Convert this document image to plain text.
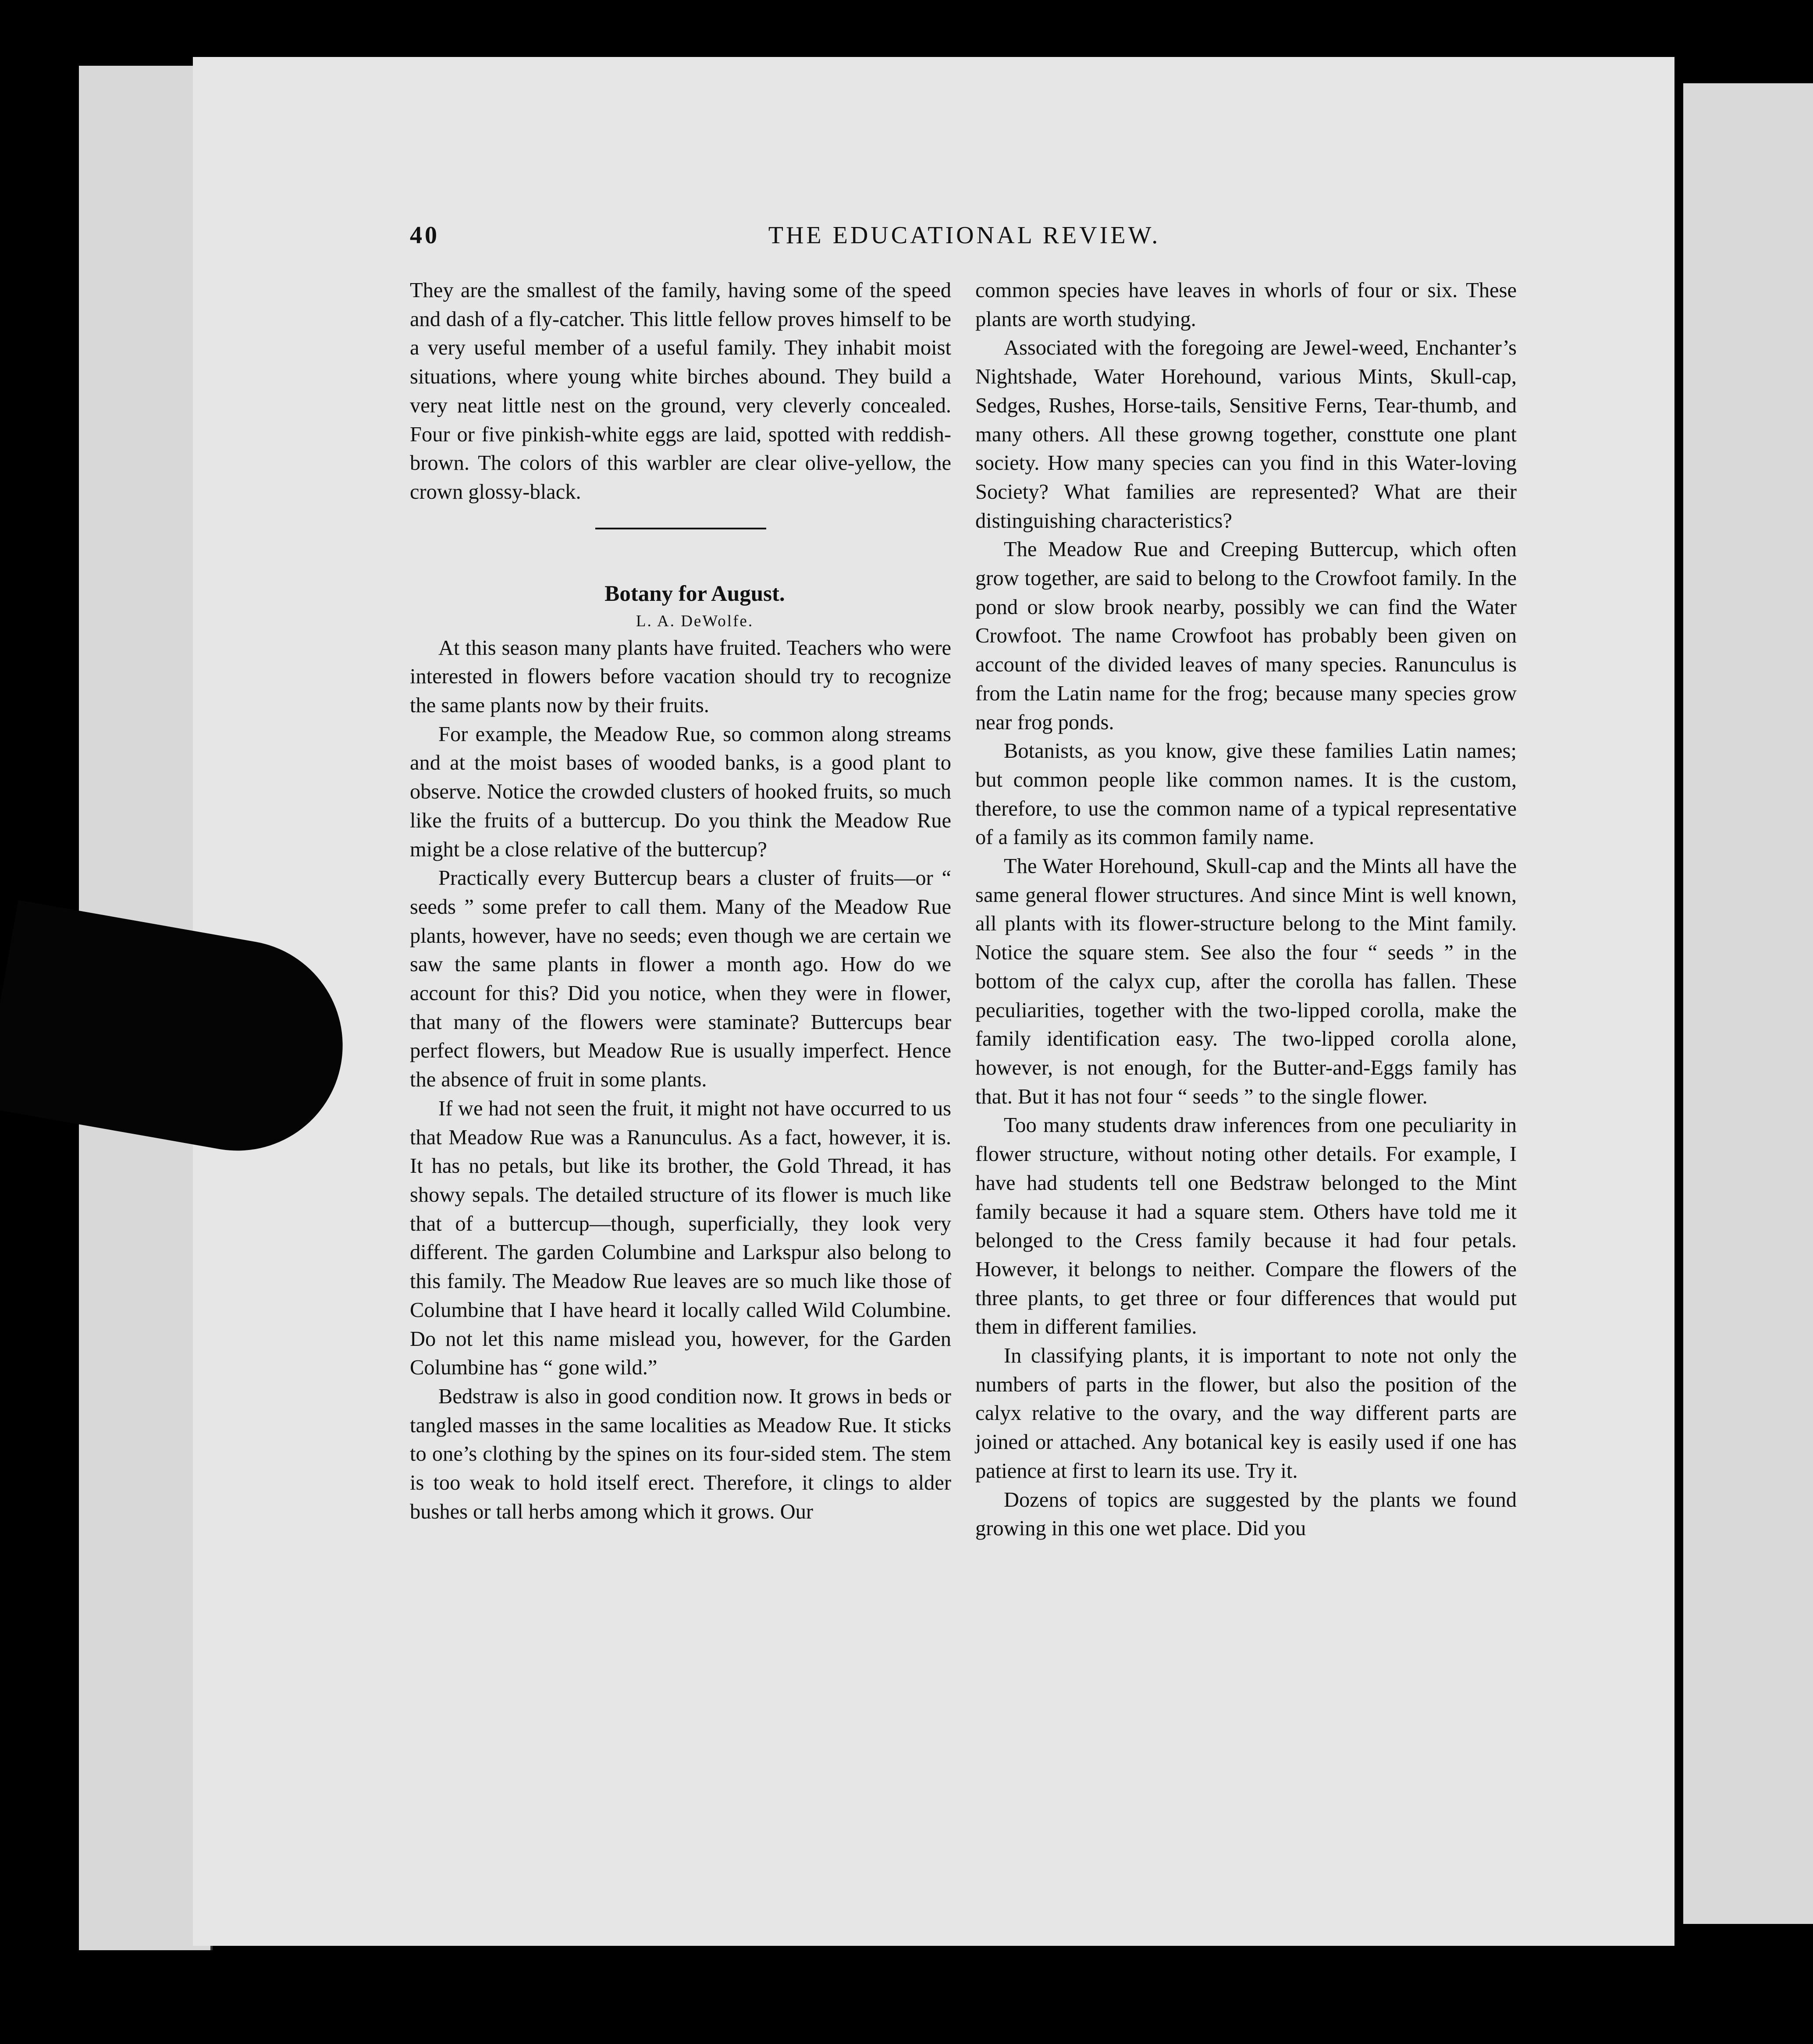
40	THE EDUCATIONAL REVIEW.

They are the smallest of the family, having some of the speed and dash of a fly-catcher. This little fellow proves himself to be a very useful member of a useful family. They inhabit moist situations, where young white birches abound. They build a very neat little nest on the ground, very cleverly concealed. Four or five pinkish-white eggs are laid, spotted with reddish-brown. The colors of this warbler are clear olive-yellow, the crown glossy-black.

Botany for August.

L. A. DeWolfe.

At this season many plants have fruited. Teachers who were interested in flowers before vacation should try to recognize the same plants now by their fruits.

For example, the Meadow Rue, so common along streams and at the moist bases of wooded banks, is a good plant to observe. Notice the crowded clusters of hooked fruits, so much like the fruits of a buttercup. Do you think the Meadow Rue might be a close relative of the buttercup?

Practically every Buttercup bears a cluster of fruits—or “ seeds ” some prefer to call them. Many of the Meadow Rue plants, however, have no seeds; even though we are certain we saw the same plants in flower a month ago. How do we account for this? Did you notice, when they were in flower, that many of the flowers were staminate? Buttercups bear perfect flowers, but Meadow Rue is usually imperfect. Hence the absence of fruit in some plants.

If we had not seen the fruit, it might not have occurred to us that Meadow Rue was a Ranunculus. As a fact, however, it is. It has no petals, but like its brother, the Gold Thread, it has showy sepals. The detailed structure of its flower is much like that of a buttercup—though, superficially, they look very different. The garden Columbine and Larkspur also belong to this family. The Meadow Rue leaves are so much like those of Columbine that I have heard it locally called Wild Columbine. Do not let this name mislead you, however, for the Garden Columbine has “ gone wild.”

Bedstraw is also in good condition now. It grows in beds or tangled masses in the same localities as Meadow Rue. It sticks to one’s clothing by the spines on its four-sided stem. The stem is too weak to hold itself erect. Therefore, it clings to alder bushes or tall herbs among which it grows. Our

common species have leaves in whorls of four or six. These plants are worth studying.

Associated with the foregoing are Jewel-weed, Enchanter’s Nightshade, Water Horehound, various Mints, Skull-cap, Sedges, Rushes, Horse-tails, Sensitive Ferns, Tear-thumb, and many others. All these growng together, consttute one plant society. How many species can you find in this Water-loving Society? What families are represented? What are their distinguishing characteristics?

The Meadow Rue and Creeping Buttercup, which often grow together, are said to belong to the Crowfoot family. In the pond or slow brook nearby, possibly we can find the Water Crowfoot. The name Crowfoot has probably been given on account of the divided leaves of many species. Ranunculus is from the Latin name for the frog; because many species grow near frog ponds.

Botanists, as you know, give these families Latin names; but common people like common names. It is the custom, therefore, to use the common name of a typical representative of a family as its common family name.

The Water Horehound, Skull-cap and the Mints all have the same general flower structures. And since Mint is well known, all plants with its flower-structure belong to the Mint family. Notice the square stem. See also the four “ seeds ” in the bottom of the calyx cup, after the corolla has fallen. These peculiarities, together with the two-lipped corolla, make the family identification easy. The two-lipped corolla alone, however, is not enough, for the Butter-and-Eggs family has that. But it has not four “ seeds ” to the single flower.

Too many students draw inferences from one peculiarity in flower structure, without noting other details. For example, I have had students tell one Bedstraw belonged to the Mint family because it had a square stem. Others have told me it belonged to the Cress family because it had four petals. However, it belongs to neither. Compare the flowers of the three plants, to get three or four differences that would put them in different families.

In classifying plants, it is important to note not only the numbers of parts in the flower, but also the position of the calyx relative to the ovary, and the way different parts are joined or attached. Any botanical key is easily used if one has patience at first to learn its use. Try it.

Dozens of topics are suggested by the plants we found growing in this one wet place. Did you
